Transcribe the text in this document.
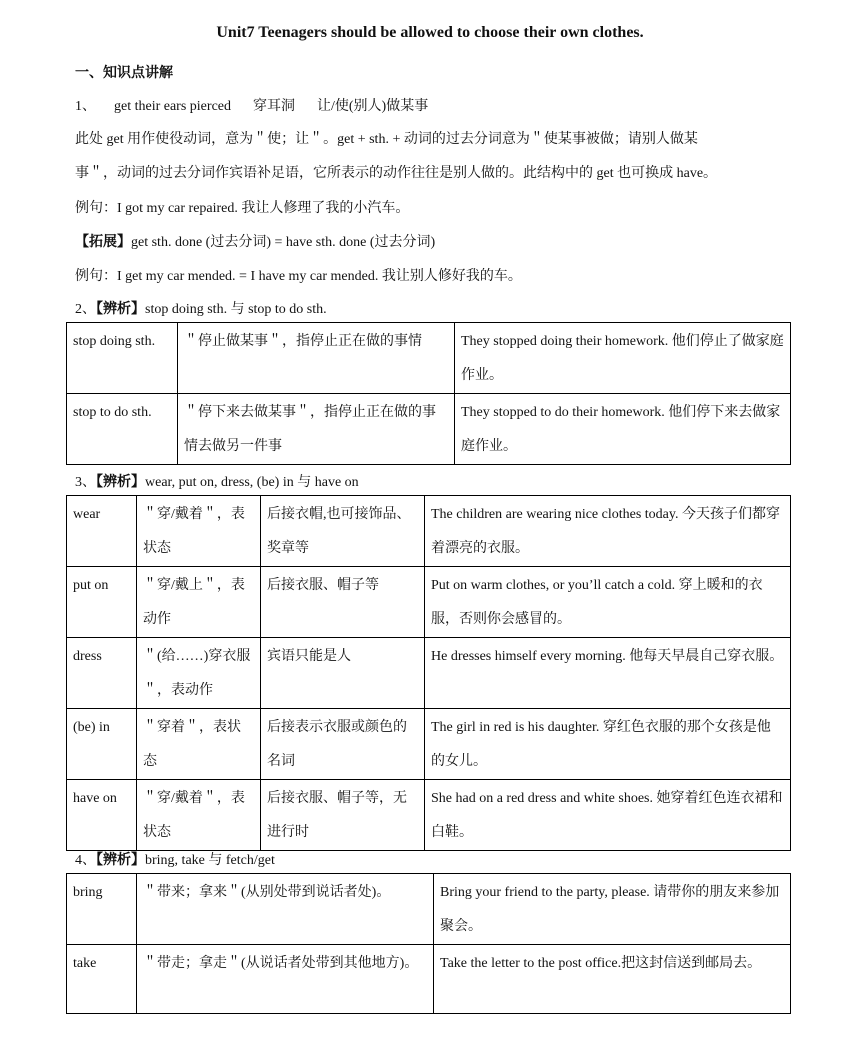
Unit7 Teenagers should be allowed to choose their own clothes.
一、知识点讲解
1、 get their ears pierced 穿耳洞 让/使(别人)做某事
此处 get 用作使役动词，意为＂使；让＂。get + sth. + 动词的过去分词意为＂使某事被做；请别人做某
事＂，动词的过去分词作宾语补足语，它所表示的动作往往是别人做的。此结构中的 get 也可换成 have。
例句：I got my car repaired. 我让人修理了我的小汽车。
【拓展】get sth. done (过去分词) = have sth. done (过去分词)
例句：I get my car mended. = I have my car mended. 我让别人修好我的车。
2、【辨析】stop doing sth. 与 stop to do sth.
stop doing sth.	＂停止做某事＂，指停止正在做的事情	They stopped doing their homework. 他们停止了做家庭作业。
stop to do sth.	＂停下来去做某事＂，指停止正在做的事情去做另一件事	They stopped to do their homework. 他们停下来去做家庭作业。
3、【辨析】wear, put on, dress, (be) in 与 have on
wear	＂穿/戴着＂，表状态	后接衣帽,也可接饰品、奖章等	The children are wearing nice clothes today. 今天孩子们都穿着漂亮的衣服。
put on	＂穿/戴上＂，表动作	后接衣服、帽子等	Put on warm clothes, or you’ll catch a cold. 穿上暖和的衣服，否则你会感冒的。
dress	＂(给……)穿衣服＂，表动作	宾语只能是人	He dresses himself every morning. 他每天早晨自己穿衣服。
(be) in	＂穿着＂，表状态	后接表示衣服或颜色的名词	The girl in red is his daughter. 穿红色衣服的那个女孩是他的女儿。
have on	＂穿/戴着＂，表状态	后接衣服、帽子等，无进行时	She had on a red dress and white shoes. 她穿着红色连衣裙和白鞋。
4、【辨析】bring, take 与 fetch/get
bring	＂带来；拿来＂(从别处带到说话者处)。	Bring your friend to the party, please. 请带你的朋友来参加聚会。
take	＂带走；拿走＂(从说话者处带到其他地方)。	Take the letter to the post office.把这封信送到邮局去。
